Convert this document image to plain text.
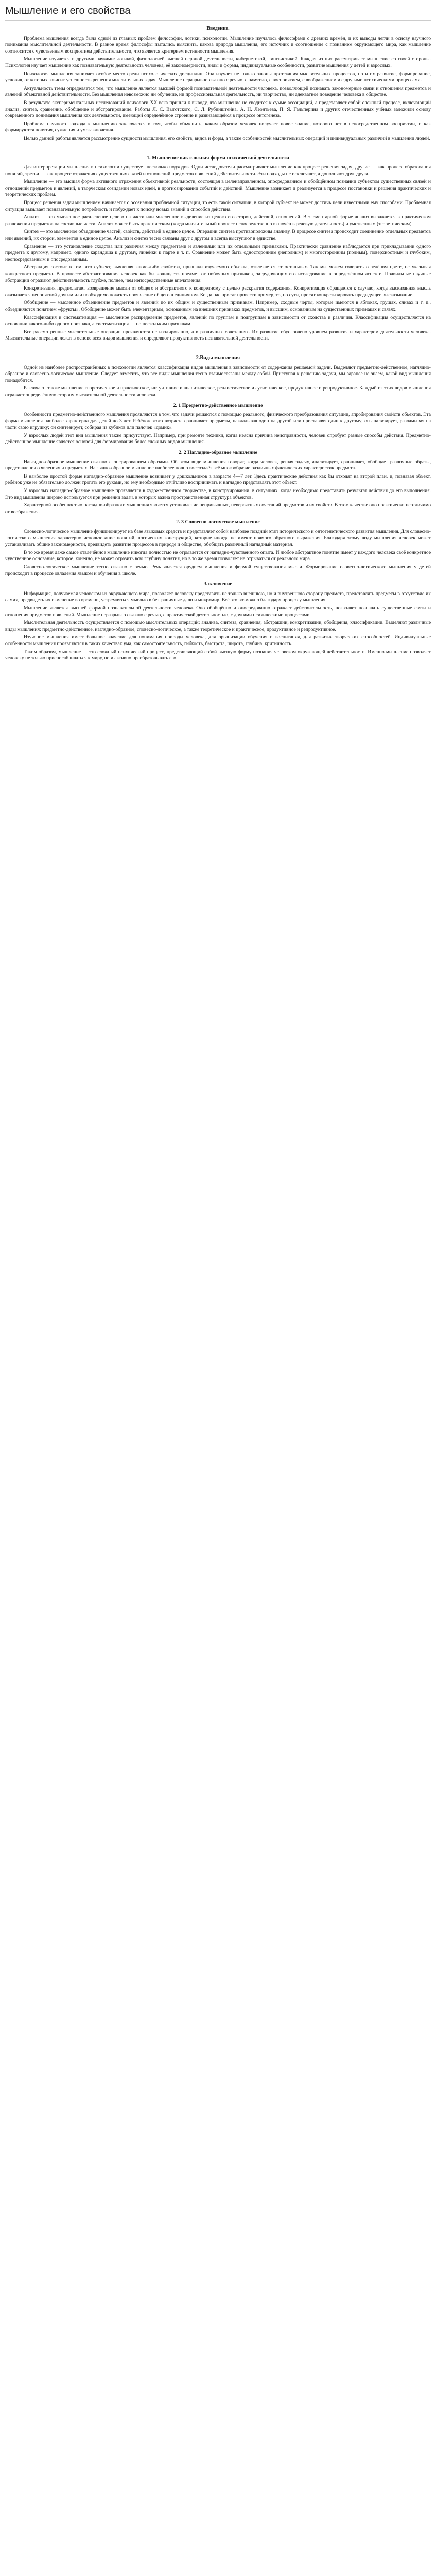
Мышление и его свойства
Введение.

Проблема мышления всегда была одной из главных проблем философии, логики, психологии. Мышление изучалось философами с древних времён, и их выводы легли в основу научного понимания мыслительной деятельности. В разное время философы пытались выяснить, какова природа мышления, его источник и соотношение с познанием окружающего мира, как мышление соотносится с чувственным восприятием действительности, что является критерием истинности мышления.

Мышление изучается и другими науками: логикой, физиологией высшей нервной деятельности, кибернетикой, лингвистикой. Каждая из них рассматривает мышление со своей стороны. Психология изучает мышление как познавательную деятельность человека, её закономерности, виды и формы, индивидуальные особенности, развитие мышления у детей и взрослых.

Психология мышления занимает особое место среди психологических дисциплин. Она изучает не только законы протекания мыслительных процессов, но и их развитие, формирование, условия, от которых зависит успешность решения мыслительных задач. Мышление неразрывно связано с речью, с памятью, с восприятием, с воображением и с другими психическими процессами.

Актуальность темы определяется тем, что мышление является высшей формой познавательной деятельности человека, позволяющей познавать закономерные связи и отношения предметов и явлений объективной действительности. Без мышления невозможно ни обучение, ни профессиональная деятельность, ни творчество, ни адекватное поведение человека в обществе.

В результате экспериментальных исследований психологи XX века пришли к выводу, что мышление не сводится к сумме ассоциаций, а представляет собой сложный процесс, включающий анализ, синтез, сравнение, обобщение и абстрагирование. Работы Л. С. Выготского, С. Л. Рубинштейна, А. Н. Леонтьева, П. Я. Гальперина и других отечественных учёных заложили основу современного понимания мышления как деятельности, имеющей определённое строение и развивающейся в процессе онтогенеза.

Проблема научного подхода к мышлению заключается в том, чтобы объяснить, каким образом человек получает новое знание, которого нет в непосредственном восприятии, и как формируются понятия, суждения и умозаключения.

Целью данной работы является рассмотрение сущности мышления, его свойств, видов и форм, а также особенностей мыслительных операций и индивидуальных различий в мышлении людей.

1. Мышление как сложная форма психической деятельности

Для интерпретации мышления в психологии существует несколько подходов. Одни исследователи рассматривают мышление как процесс решения задач, другие — как процесс образования понятий, третьи — как процесс отражения существенных связей и отношений предметов и явлений действительности. Эти подходы не исключают, а дополняют друг друга.

Мышление — это высшая форма активного отражения объективной реальности, состоящая в целенаправленном, опосредованном и обобщённом познании субъектом существенных связей и отношений предметов и явлений, в творческом созидании новых идей, в прогнозировании событий и действий. Мышление возникает и реализуется в процессе постановки и решения практических и теоретических проблем.

Процесс решения задач мышлением начинается с осознания проблемной ситуации, то есть такой ситуации, в которой субъект не может достичь цели известными ему способами. Проблемная ситуация вызывает познавательную потребность и побуждает к поиску новых знаний и способов действия.

Анализ — это мысленное расчленение целого на части или мысленное выделение из целого его сторон, действий, отношений. В элементарной форме анализ выражается в практическом разложении предметов на составные части. Анализ может быть практическим (когда мыслительный процесс непосредственно включён в речевую деятельность) и умственным (теоретическим).

Синтез — это мысленное объединение частей, свойств, действий в единое целое. Операции синтеза противоположны анализу. В процессе синтеза происходит соединение отдельных предметов или явлений, их сторон, элементов в единое целое. Анализ и синтез тесно связаны друг с другом и всегда выступают в единстве.

Сравнение — это установление сходства или различия между предметами и явлениями или их отдельными признаками. Практически сравнение наблюдается при прикладывании одного предмета к другому, например, одного карандаша к другому, линейки к парте и т. п. Сравнение может быть односторонним (неполным) и многосторонним (полным), поверхностным и глубоким, неопосредованным и опосредованным.

Абстракция состоит в том, что субъект, вычленяя какие-либо свойства, признаки изучаемого объекта, отвлекается от остальных. Так мы можем говорить о зелёном цвете, не указывая конкретного предмета. В процессе абстрагирования человек как бы «очищает» предмет от побочных признаков, затрудняющих его исследование в определённом аспекте. Правильные научные абстракции отражают действительность глубже, полнее, чем непосредственные впечатления.

Конкретизация предполагает возвращение мысли от общего и абстрактного к конкретному с целью раскрытия содержания. Конкретизация обращается к случаю, когда высказанная мысль оказывается непонятной другим или необходимо показать проявление общего в единичном. Когда нас просят привести пример, то, по сути, просят конкретизировать предыдущее высказывание.

Обобщение — мысленное объединение предметов и явлений по их общим и существенным признакам. Например, сходные черты, которые имеются в яблоках, грушах, сливах и т. п., объединяются понятием «фрукты». Обобщение может быть элементарным, основанным на внешних признаках предметов, и высшим, основанным на существенных признаках и связях.

Классификация и систематизация — мысленное распределение предметов, явлений по группам и подгруппам в зависимости от сходства и различия. Классификация осуществляется на основании какого-либо одного признака, а систематизация — по нескольким признакам.

Все рассмотренные мыслительные операции проявляются не изолированно, а в различных сочетаниях. Их развитие обусловлено уровнем развития и характером деятельности человека. Мыслительные операции лежат в основе всех видов мышления и определяют продуктивность познавательной деятельности.

2.Виды мышления

Одной из наиболее распространённых в психологии является классификация видов мышления в зависимости от содержания решаемой задачи. Выделяют предметно-действенное, наглядно-образное и словесно-логическое мышление. Следует отметить, что все виды мышления тесно взаимосвязаны между собой. Приступая к решению задачи, мы заранее не знаем, какой вид мышления понадобится.

Различают также мышление теоретическое и практическое, интуитивное и аналитическое, реалистическое и аутистическое, продуктивное и репродуктивное. Каждый из этих видов мышления отражает определённую сторону мыслительной деятельности человека.

2. 1 Предметно-действенное мышление

Особенности предметно-действенного мышления проявляются в том, что задачи решаются с помощью реального, физического преобразования ситуации, апробирования свойств объектов. Эта форма мышления наиболее характерна для детей до 3 лет. Ребёнок этого возраста сравнивает предметы, накладывая один на другой или приставляя один к другому; он анализирует, разламывая на части свою игрушку; он синтезирует, собирая из кубиков или палочек «домик».

У взрослых людей этот вид мышления также присутствует. Например, при ремонте техники, когда неясна причина неисправности, человек опробует разные способы действия. Предметно-действенное мышление является основой для формирования более сложных видов мышления.

2. 2 Наглядно-образное мышление

Наглядно-образное мышление связано с оперированием образами. Об этом виде мышления говорят, когда человек, решая задачу, анализирует, сравнивает, обобщает различные образы, представления о явлениях и предметах. Наглядно-образное мышление наиболее полно воссоздаёт всё многообразие различных фактических характеристик предмета.

В наиболее простой форме наглядно-образное мышление возникает у дошкольников в возрасте 4—7 лет. Здесь практические действия как бы отходят на второй план, и, познавая объект, ребёнок уже не обязательно должен трогать его руками, но ему необходимо отчётливо воспринимать и наглядно представлять этот объект.

У взрослых наглядно-образное мышление проявляется в художественном творчестве, в конструировании, в ситуациях, когда необходимо представить результат действия до его выполнения. Это вид мышления широко используется при решении задач, в которых важна пространственная структура объектов.

Характерной особенностью наглядно-образного мышления является установление непривычных, невероятных сочетаний предметов и их свойств. В этом качестве оно практически неотличимо от воображения.

2. 3 Словесно-логическое мышление

Словесно-логическое мышление функционирует на базе языковых средств и представляет собой наиболее поздний этап исторического и онтогенетического развития мышления. Для словесно-логического мышления характерно использование понятий, логических конструкций, которые иногда не имеют прямого образного выражения. Благодаря этому виду мышления человек может устанавливать общие закономерности, предвидеть развитие процессов в природе и обществе, обобщать различный наглядный материал.

В то же время даже самое отвлечённое мышление никогда полностью не отрывается от наглядно-чувственного опыта. И любое абстрактное понятие имеет у каждого человека своё конкретное чувственное основание, которое, конечно, не может отразить всю глубину понятия, но в то же время позволяет не отрываться от реального мира.

Словесно-логическое мышление тесно связано с речью. Речь является орудием мышления и формой существования мысли. Формирование словесно-логического мышления у детей происходит в процессе овладения языком и обучения в школе.

Заключение

Информация, получаемая человеком из окружающего мира, позволяет человеку представить не только внешнюю, но и внутреннюю сторону предмета, представлять предметы в отсутствие их самих, предвидеть их изменение во времени, устремляться мыслью в безграничные дали и микромир. Всё это возможно благодаря процессу мышления.

Мышление является высшей формой познавательной деятельности человека. Оно обобщённо и опосредованно отражает действительность, позволяет познавать существенные связи и отношения предметов и явлений. Мышление неразрывно связано с речью, с практической деятельностью, с другими психическими процессами.

Мыслительная деятельность осуществляется с помощью мыслительных операций: анализа, синтеза, сравнения, абстракции, конкретизации, обобщения, классификации. Выделяют различные виды мышления: предметно-действенное, наглядно-образное, словесно-логическое, а также теоретическое и практическое, продуктивное и репродуктивное.

Изучение мышления имеет большое значение для понимания природы человека, для организации обучения и воспитания, для развития творческих способностей. Индивидуальные особенности мышления проявляются в таких качествах ума, как самостоятельность, гибкость, быстрота, широта, глубина, критичность.

Таким образом, мышление — это сложный психический процесс, представляющий собой высшую форму познания человеком окружающей действительности. Именно мышление позволяет человеку не только приспосабливаться к миру, но и активно преобразовывать его.
